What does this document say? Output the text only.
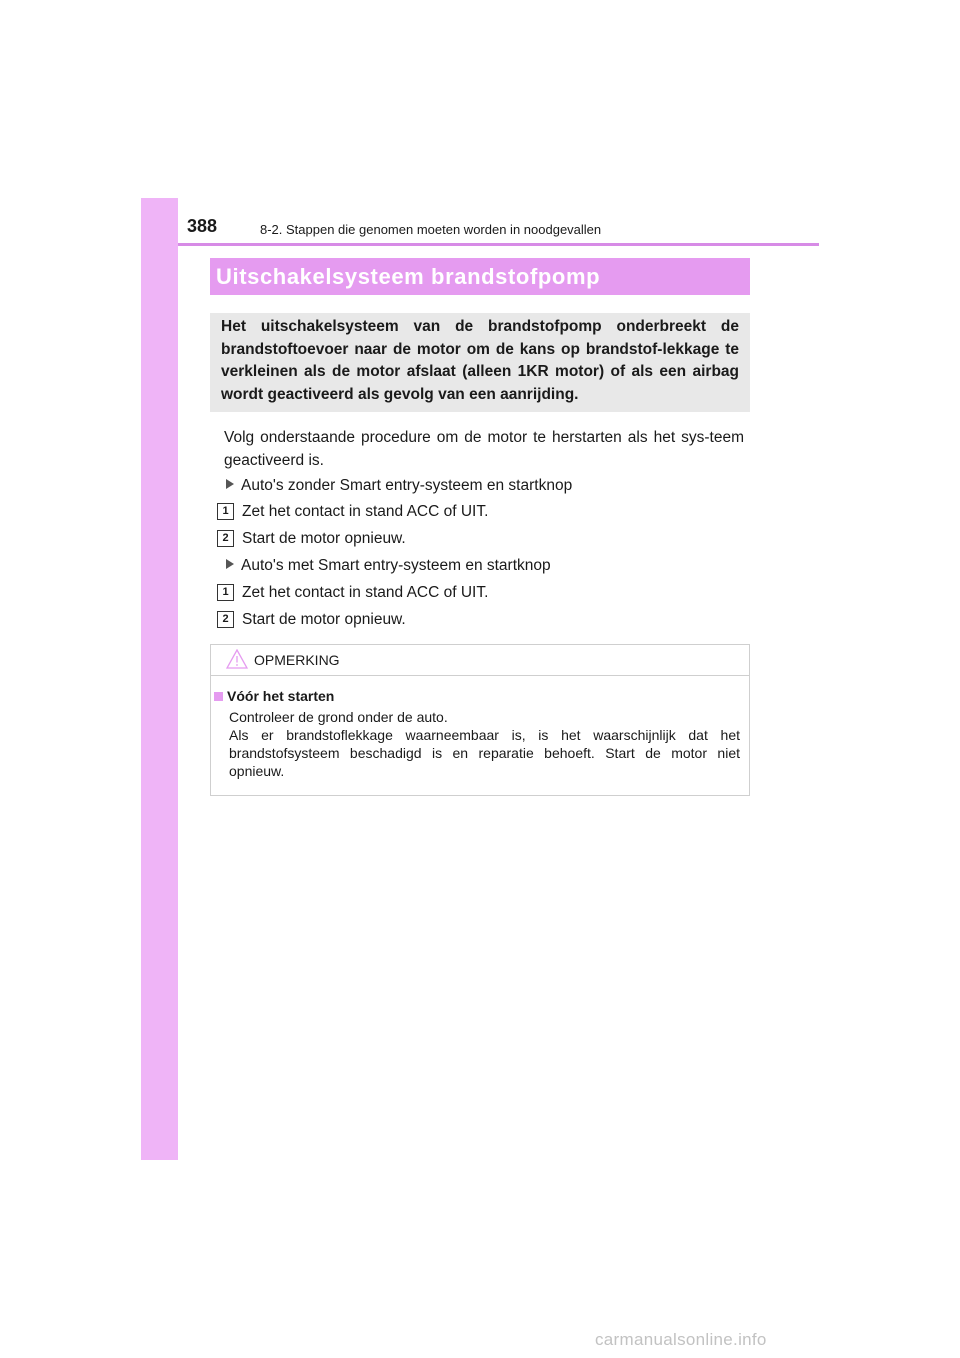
388	8-2. Stappen die genomen moeten worden in noodgevallen
Uitschakelsysteem brandstofpomp
Het uitschakelsysteem van de brandstofpomp onderbreekt de brandstoftoevoer naar de motor om de kans op brandstof-lekkage te verkleinen als de motor afslaat (alleen 1KR motor) of als een airbag wordt geactiveerd als gevolg van een aanrijding.
Volg onderstaande procedure om de motor te herstarten als het sys-teem geactiveerd is.
Auto's zonder Smart entry-systeem en startknop
1 Zet het contact in stand ACC of UIT.
2 Start de motor opnieuw.
Auto's met Smart entry-systeem en startknop
1 Zet het contact in stand ACC of UIT.
2 Start de motor opnieuw.
OPMERKING
Vóór het starten

Controleer de grond onder de auto.

Als er brandstoflekkage waarneembaar is, is het waarschijnlijk dat het brandstofsysteem beschadigd is en reparatie behoeft. Start de motor niet opnieuw.

carmanualsonline.info
